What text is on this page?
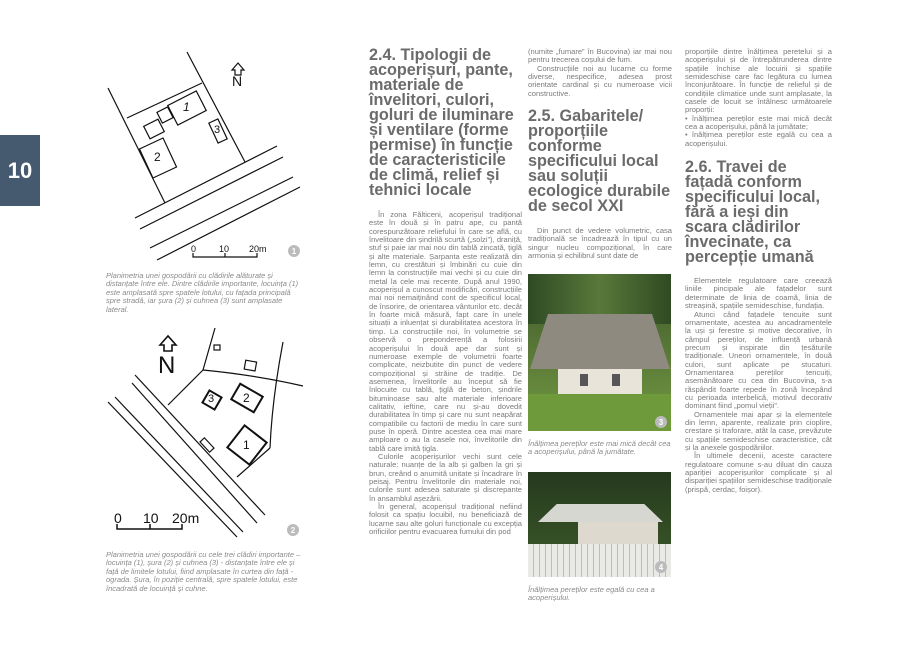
10
N
1
2
3
0	10 20m
N
1
2
3
0 10 20m
1
2
Planimetria unei gospodării cu clădirile alăturate și distanțate între ele. Dintre clădirile importante, locuința (1) este amplasată spre spatele lotului, cu fațada principală spre stradă, iar șura (2) și cuhnea (3) sunt amplasate lateral.
Planimetria unei gospodării cu cele trei clădiri importante – locuința (1), șura (2) și cuhnea (3) - distanțate între ele și față de limitele lotului, fiind amplasate în curtea din față - ograda. Șura, în poziție centrală, spre spatele lotului, este încadrată de locuință și cuhne.
2.4. Tipologii de acoperișuri, pante, materiale de învelitori, culori, goluri de iluminare și ventilare (forme permise) în funcție de caracteristicile de climă, relief și tehnici locale

În zona Fălticeni, acoperișul tradițional este în două și în patru ape, cu pantă corespunzătoare reliefului în care se află, cu învelitoare din șindrilă scurtă („solzi”), draniță, stuf și paie iar mai nou din tablă zincată, țiglă și alte materiale. Șarpanta este realizată din lemn, cu crestături și îmbinări cu cuie din lemn la construcțiile mai vechi și cu cuie din metal la cele mai recente. După anul 1990, acoperișul a cunoscut modificări, construcțiile mai noi nemaiținând cont de specificul local, de însorire, de orientarea vânturilor etc. decât în foarte mică măsură, fapt care în unele situații a inluențat și durabilitatea acestora în timp. La construcțiile noi, în volumetrie se observă o preponderență a folosirii acoperișului în două ape dar sunt și numeroase exemple de volumetrii foarte complicate, neizbutite din punct de vedere compozițional și străine de tradiție. De asemenea, învelitorile au început să fie înlocuite cu tablă, țiglă de beton, șindrile bituminoase sau alte materiale inferioare calitativ, ieftine, care nu și-au dovedit durabilitatea în timp și care nu sunt neapărat compatibile cu factorii de mediu în care sunt puse în operă. Dintre acestea cea mai mare amploare o au la casele noi, învelitorile din tablă care imită țigla.

Culorile acoperișurilor vechi sunt cele naturale: nuanțe de la alb și galben la gri și brun, creând o anumită unitate și încadrare în peisaj. Pentru învelitorile din materiale noi, culorile sunt adesea saturate și discrepante în ansamblul așezării.

În general, acoperișul tradițional nefiind folosit ca spațiu locuibil, nu beneficiază de lucarne sau alte goluri funcționale cu excepția orificiilor pentru evacuarea fumului din pod

(numite „fumare” în Bucovina) iar mai nou pentru trecerea coșului de fum.

Construcțiile noi au lucarne cu forme diverse, nespecifice, adesea prost orientate cardinal și cu numeroase vicii constructive.

2.5. Gabaritele/ proporțiile conforme specificului local sau soluții ecologice durabile de secol XXI

Din punct de vedere volumetric, casa tradițională se încadrează în tipul cu un singur nucleu compozițional, în care armonia și echilibrul sunt date de

3
Înălțimea pereților este mai mică decât cea a acoperișului, până la jumătate.
4
Înălțimea pereților este egală cu cea a acoperișului.

proporțiile dintre înălțimea peretelui și a acoperișului și de întrepătrunderea dintre spațiile închise ale locuirii și spațiile semideschise care fac legătura cu lumea înconjurătoare. În funcție de relieful și de condițiile climatice unde sunt amplasate, la casele de locuit se întâlnesc următoarele proporții:

• înălțimea pereților este mai mică decât cea a acoperișului, până la jumătate;

• înălțimea pereților este egală cu cea a acoperișului.

2.6. Travei de fațadă conform specificului local, fără a ieși din scara clădirilor învecinate, ca percepție umană

Elementele regulatoare care creează liniile pincipale ale fațadelor sunt determinate de linia de coamă, linia de streașină, spațiile semideschise, fundația.

Atunci când fațadele tencuite sunt ornamentate, acestea au ancadramentele la uși și ferestre și motive decorative, în câmpul pereților, de influență urbană precum și inspirate din țesăturile tradiționale. Uneori ornamentele, în două culori, sunt aplicate pe stucaturi. Ornamentarea pereților tencuiți, asemănătoare cu cea din Bucovina, s-a răspândit foarte repede în zonă începând cu perioada interbelică, motivul decorativ dominant fiind „pomul vieții”.

Ornamentele mai apar și la elementele din lemn, aparente, realizate prin cioplire, crestare și traforare, atât la case, prevăzute cu spațiile semideschise caracteristice, cât și la anexele gospodăriilor.

În ultimele decenii, aceste caractere regulatoare comune s-au diluat din cauza apariției acoperișurilor complicate și al dispariției spațiilor semideschise tradiționale (prispă, cerdac, foișor).
